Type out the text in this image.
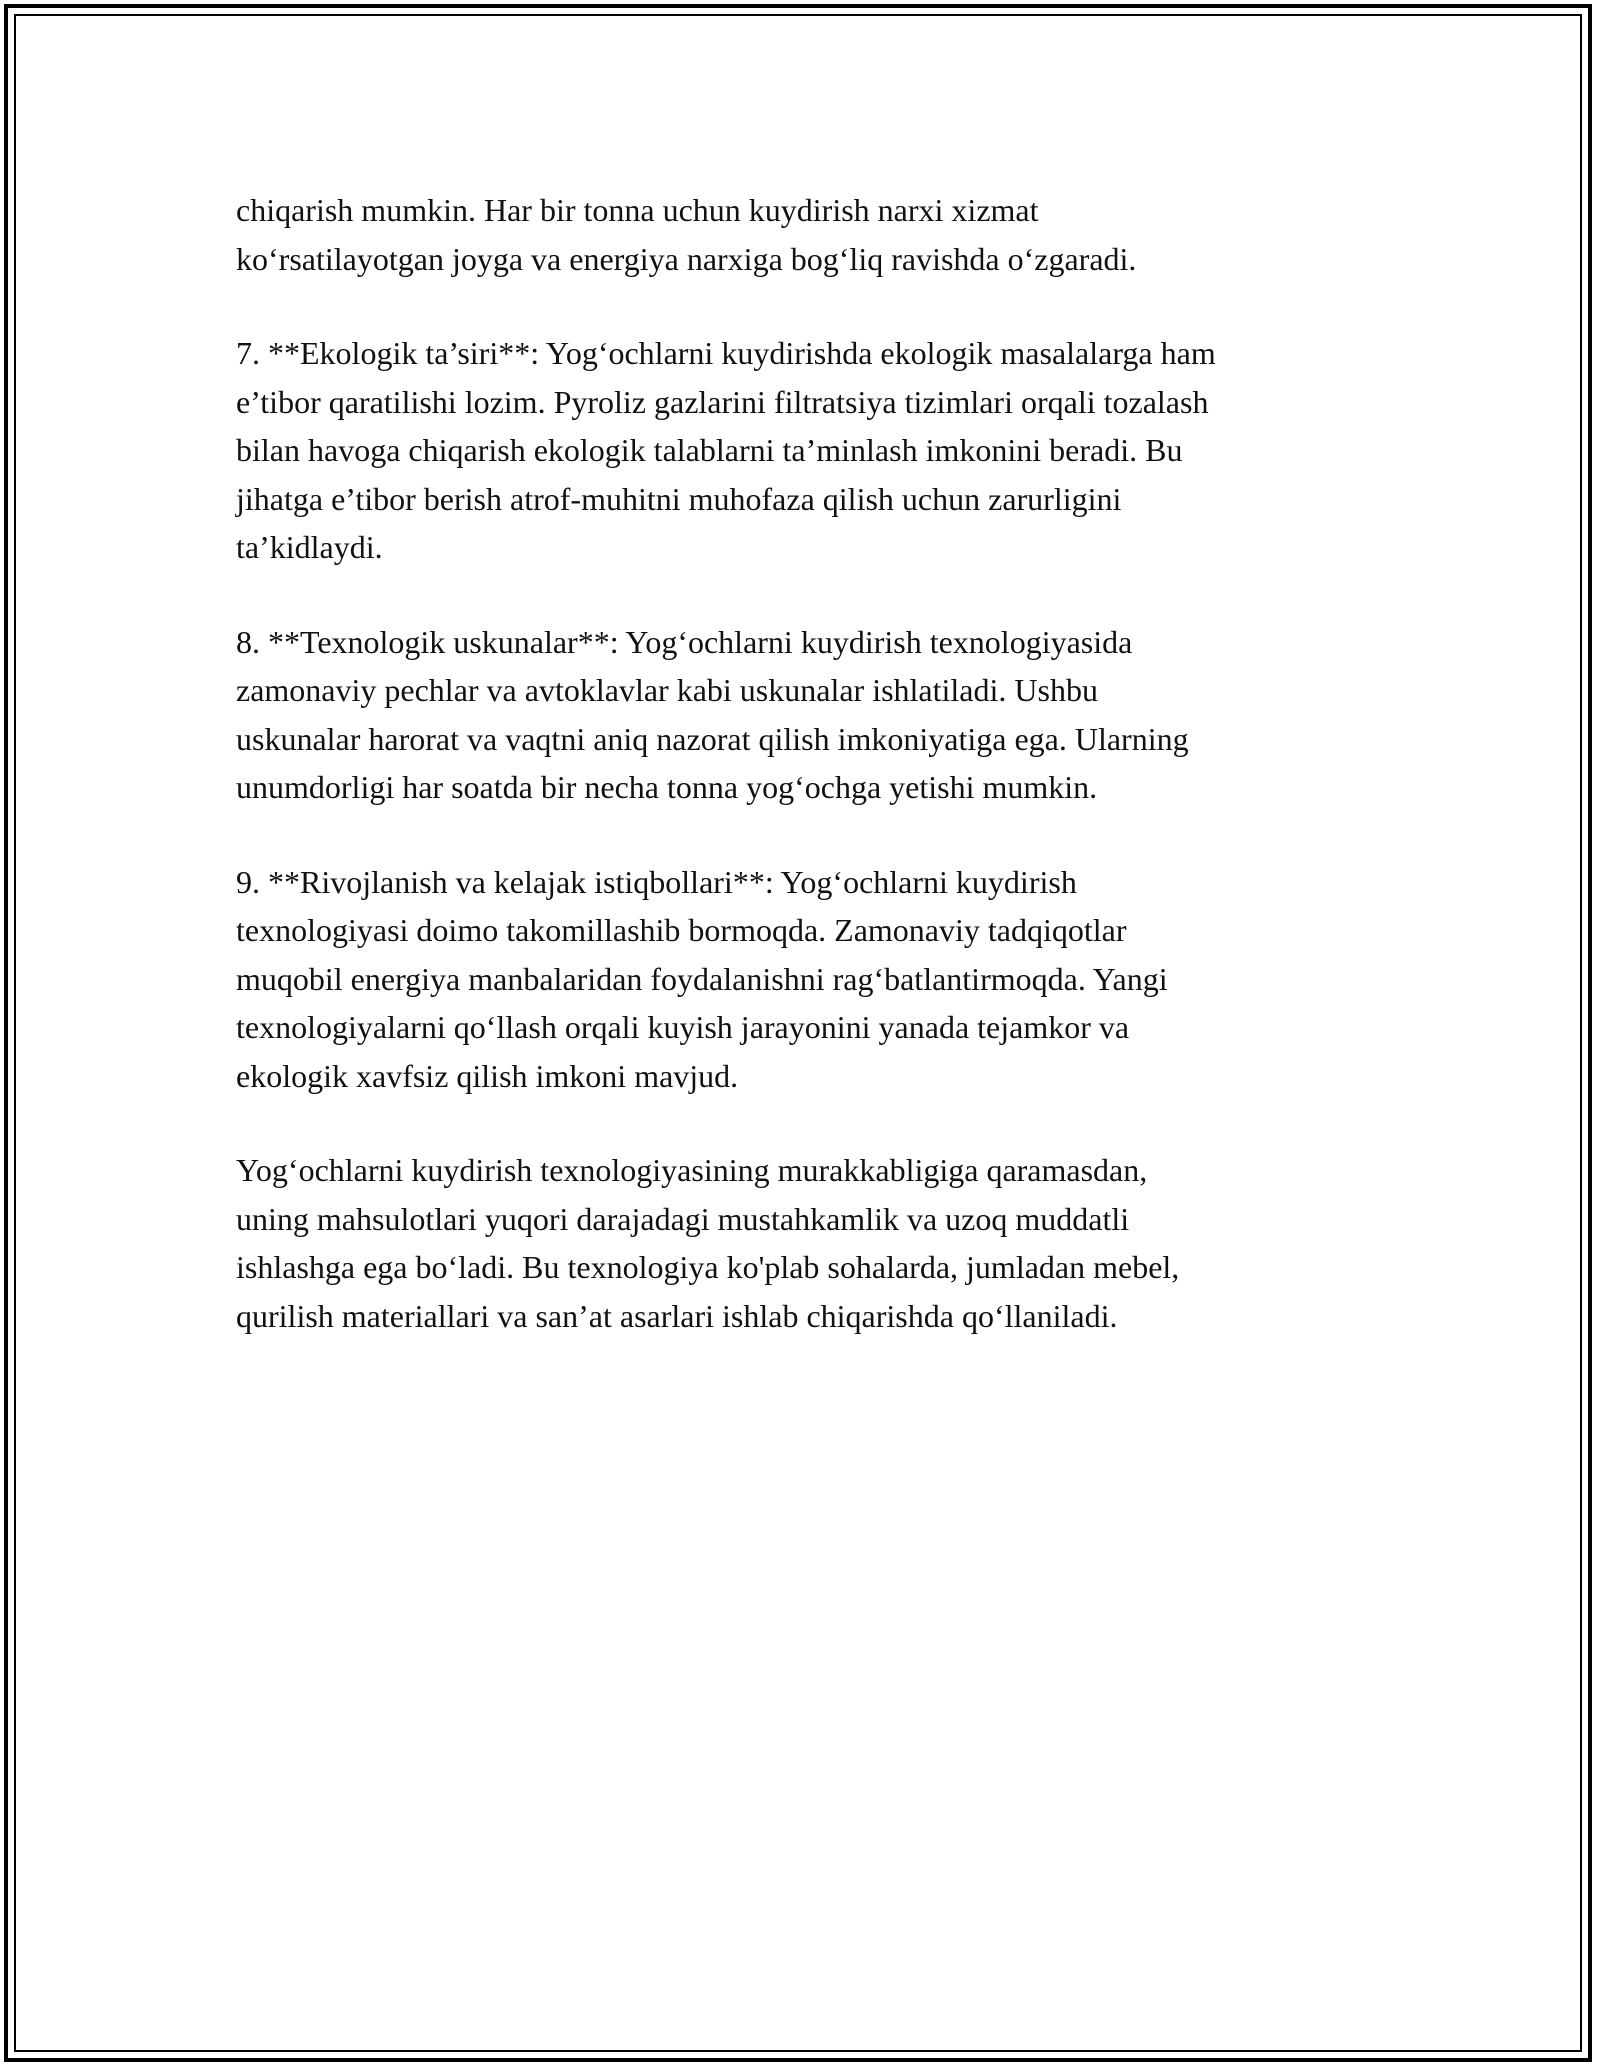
chiqarish mumkin. Har bir tonna uchun kuydirish narxi xizmat
ko‘rsatilayotgan joyga va energiya narxiga bog‘liq ravishda o‘zgaradi.

7. **Ekologik ta’siri**: Yog‘ochlarni kuydirishda ekologik masalalarga ham
e’tibor qaratilishi lozim. Pyroliz gazlarini filtratsiya tizimlari orqali tozalash
bilan havoga chiqarish ekologik talablarni ta’minlash imkonini beradi. Bu
jihatga e’tibor berish atrof-muhitni muhofaza qilish uchun zarurligini
ta’kidlaydi.

8. **Texnologik uskunalar**: Yog‘ochlarni kuydirish texnologiyasida
zamonaviy pechlar va avtoklavlar kabi uskunalar ishlatiladi. Ushbu
uskunalar harorat va vaqtni aniq nazorat qilish imkoniyatiga ega. Ularning
unumdorligi har soatda bir necha tonna yog‘ochga yetishi mumkin.

9. **Rivojlanish va kelajak istiqbollari**: Yog‘ochlarni kuydirish
texnologiyasi doimo takomillashib bormoqda. Zamonaviy tadqiqotlar
muqobil energiya manbalaridan foydalanishni rag‘batlantirmoqda. Yangi
texnologiyalarni qo‘llash orqali kuyish jarayonini yanada tejamkor va
ekologik xavfsiz qilish imkoni mavjud.

Yog‘ochlarni kuydirish texnologiyasining murakkabligiga qaramasdan,
uning mahsulotlari yuqori darajadagi mustahkamlik va uzoq muddatli
ishlashga ega bo‘ladi. Bu texnologiya ko'plab sohalarda, jumladan mebel,
qurilish materiallari va san’at asarlari ishlab chiqarishda qo‘llaniladi.
